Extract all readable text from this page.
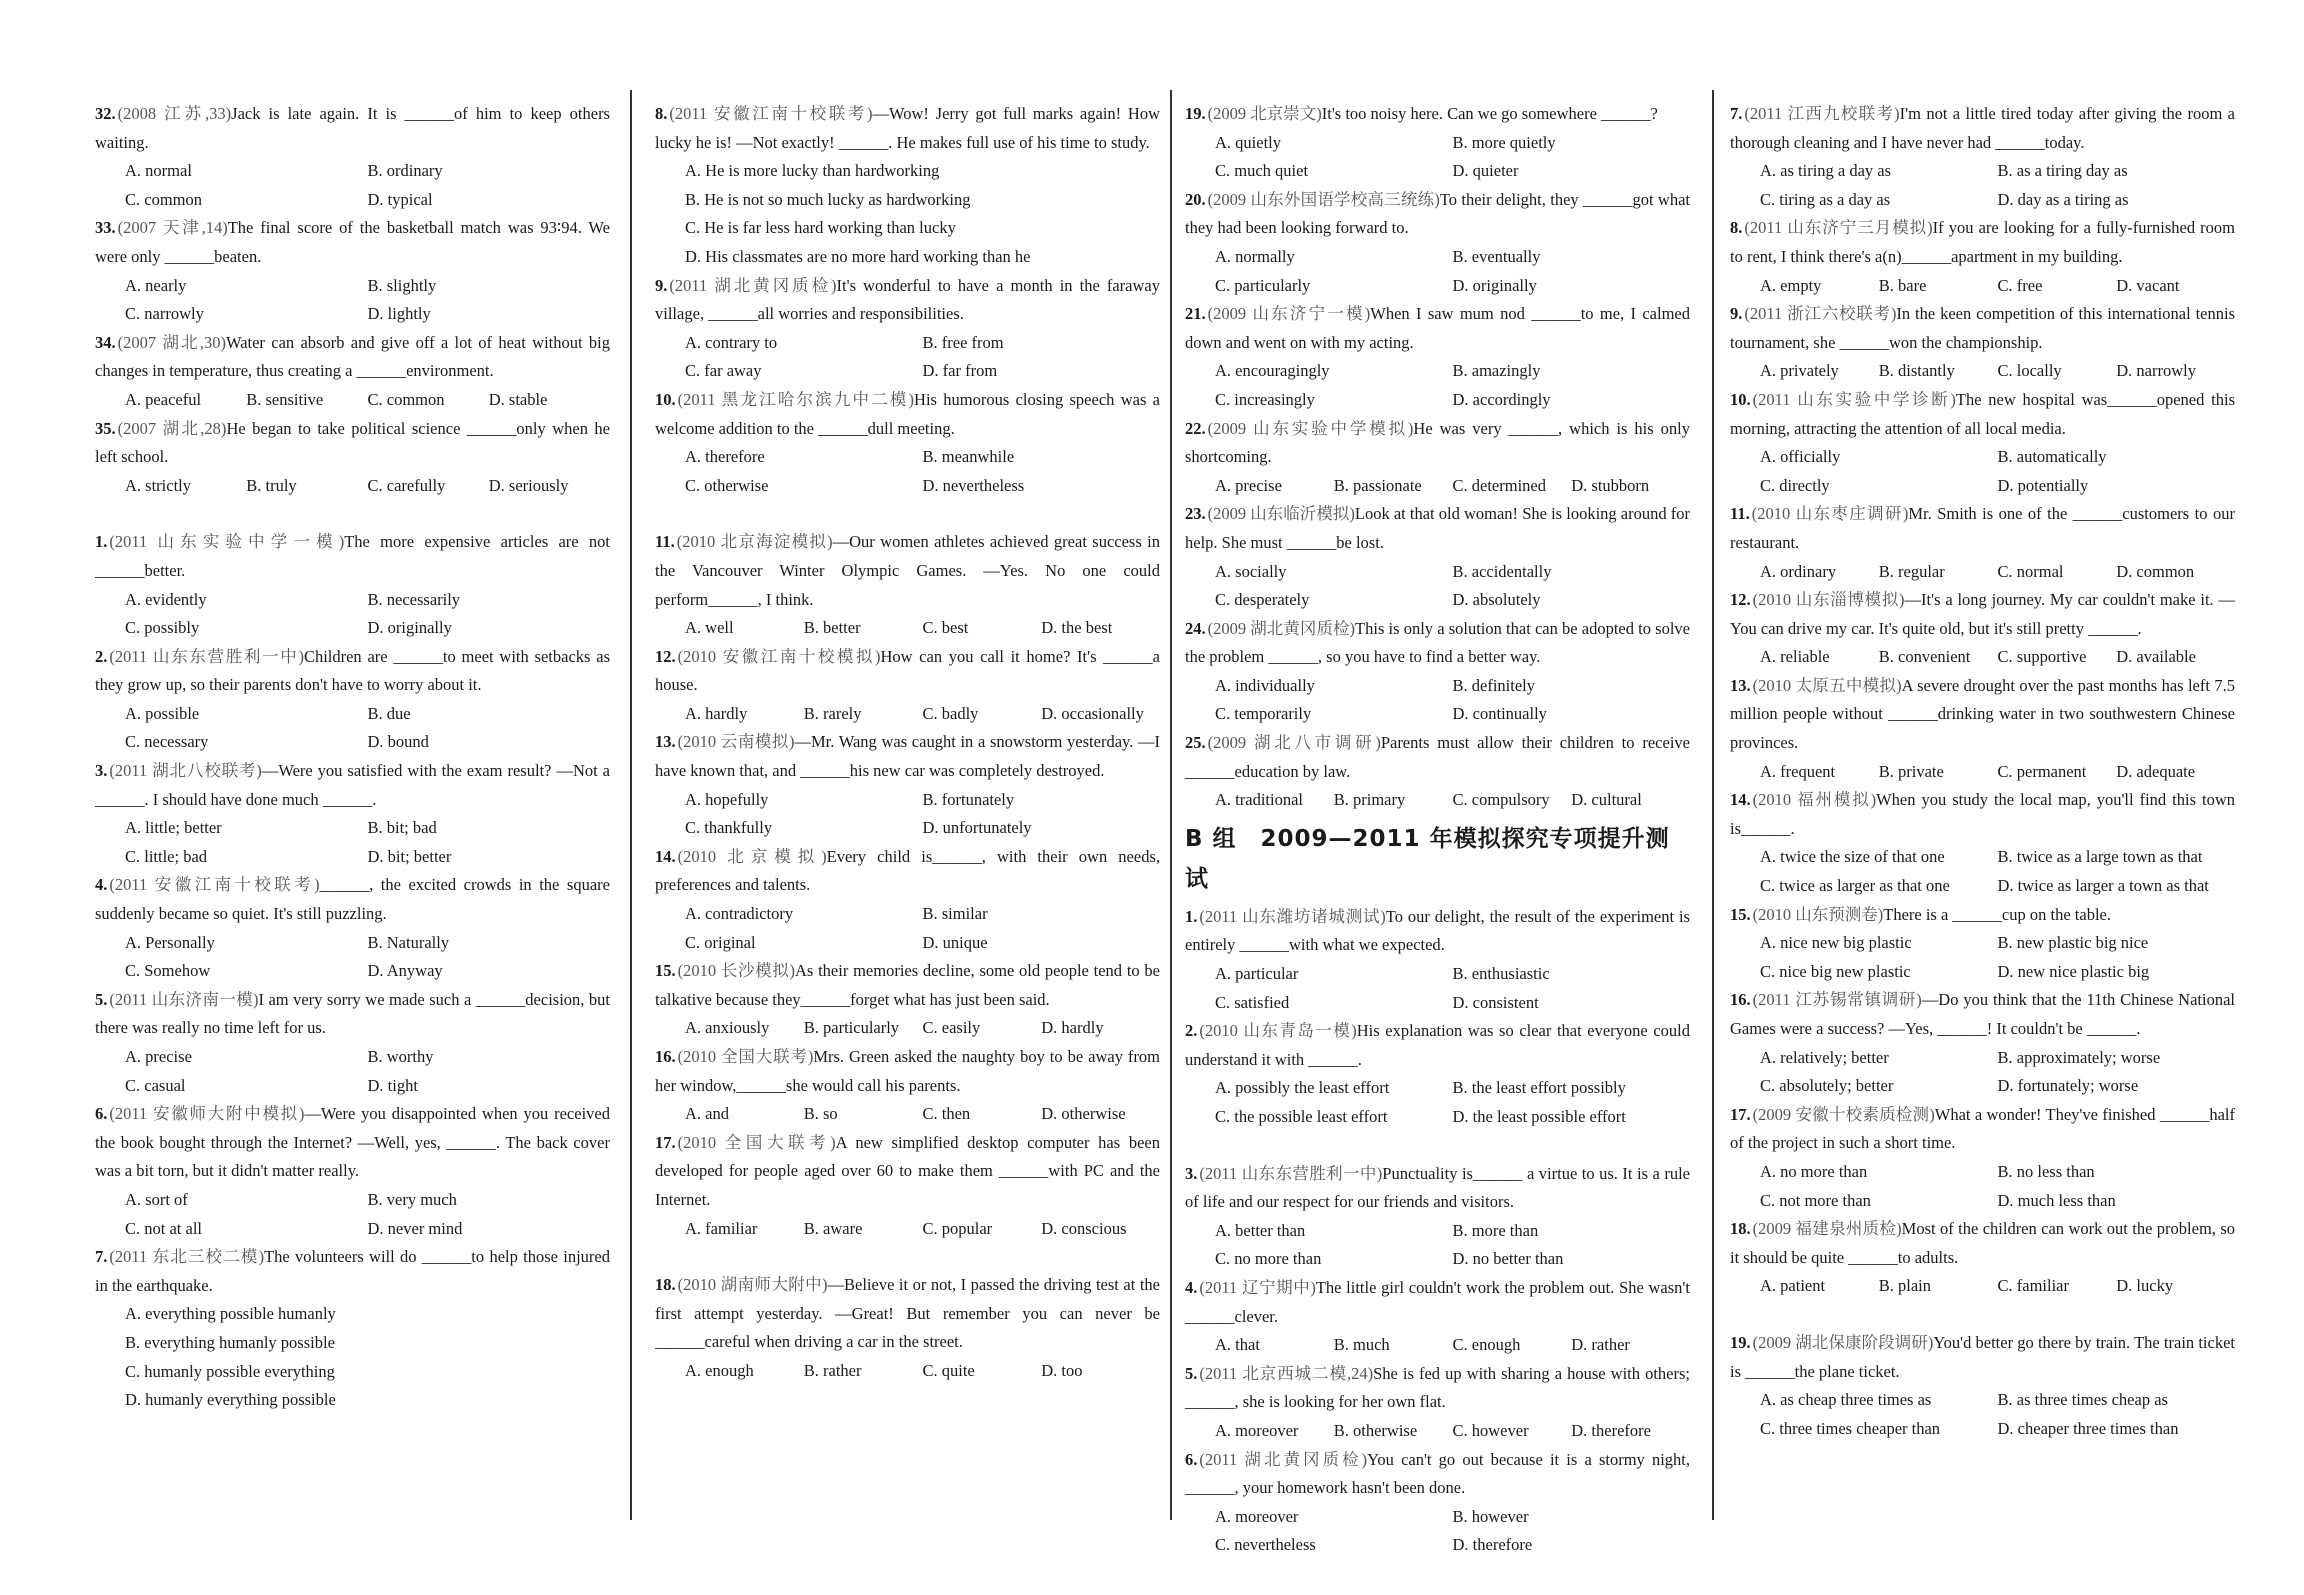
32. (2008 江苏,33)Jack is late again. It is ______of him to keep others waiting.

A. normal	B. ordinary
C. common	D. typical

33. (2007 天津,14)The final score of the basketball match was 93∶94. We were only ______beaten.

A. nearly	B. slightly
C. narrowly	D. lightly

34. (2007 湖北,30)Water can absorb and give off a lot of heat without big changes in temperature, thus creating a ______environment.

A. peaceful	B. sensitive	C. common	D. stable

35. (2007 湖北,28)He began to take political science ______only when he left school.

A. strictly	B. truly	C. carefully	D. seriously

1. (2011 山东实验中学一模)The more expensive articles are not ______better.

A. evidently	B. necessarily
C. possibly	D. originally

2. (2011 山东东营胜利一中)Children are ______to meet with setbacks as they grow up, so their parents don't have to worry about it.

A. possible	B. due
C. necessary	D. bound

3. (2011 湖北八校联考)—Were you satisfied with the exam result? —Not a ______. I should have done much ______.

A. little; better	B. bit; bad
C. little; bad	D. bit; better

4. (2011 安徽江南十校联考)______, the excited crowds in the square suddenly became so quiet. It's still puzzling.

A. Personally	B. Naturally
C. Somehow	D. Anyway

5. (2011 山东济南一模)I am very sorry we made such a ______decision, but there was really no time left for us.

A. precise	B. worthy
C. casual	D. tight

6. (2011 安徽师大附中模拟)—Were you disappointed when you received the book bought through the Internet? —Well, yes, ______. The back cover was a bit torn, but it didn't matter really.

A. sort of	B. very much
C. not at all	D. never mind

7. (2011 东北三校二模)The volunteers will do ______to help those injured in the earthquake.

A. everything possible humanly
B. everything humanly possible
C. humanly possible everything
D. humanly everything possible

8. (2011 安徽江南十校联考)—Wow! Jerry got full marks again! How lucky he is! —Not exactly! ______. He makes full use of his time to study.

A. He is more lucky than hardworking
B. He is not so much lucky as hardworking
C. He is far less hard working than lucky
D. His classmates are no more hard working than he

9. (2011 湖北黄冈质检)It's wonderful to have a month in the faraway village, ______all worries and responsibilities.

A. contrary to	B. free from
C. far away	D. far from

10. (2011 黑龙江哈尔滨九中二模)His humorous closing speech was a welcome addition to the ______dull meeting.

A. therefore	B. meanwhile
C. otherwise	D. nevertheless

11. (2010 北京海淀模拟)—Our women athletes achieved great success in the Vancouver Winter Olympic Games. —Yes. No one could perform______, I think.

A. well	B. better	C. best	D. the best

12. (2010 安徽江南十校模拟)How can you call it home? It's ______a house.

A. hardly	B. rarely	C. badly	D. occasionally

13. (2010 云南模拟)—Mr. Wang was caught in a snowstorm yesterday. —I have known that, and ______his new car was completely destroyed.

A. hopefully	B. fortunately
C. thankfully	D. unfortunately

14. (2010 北京模拟)Every child is______, with their own needs, preferences and talents.

A. contradictory	B. similar
C. original	D. unique

15. (2010 长沙模拟)As their memories decline, some old people tend to be talkative because they______forget what has just been said.

A. anxiously	B. particularly	C. easily	D. hardly

16. (2010 全国大联考)Mrs. Green asked the naughty boy to be away from her window,______she would call his parents.

A. and	B. so	C. then	D. otherwise

17. (2010 全国大联考)A new simplified desktop computer has been developed for people aged over 60 to make them ______with PC and the Internet.

A. familiar	B. aware	C. popular	D. conscious

18. (2010 湖南师大附中)—Believe it or not, I passed the driving test at the first attempt yesterday. —Great! But remember you can never be ______careful when driving a car in the street.

A. enough	B. rather	C. quite	D. too

19. (2009 北京崇文)It's too noisy here. Can we go somewhere ______?

A. quietly	B. more quietly
C. much quiet	D. quieter

20. (2009 山东外国语学校高三统练)To their delight, they ______got what they had been looking forward to.

A. normally	B. eventually
C. particularly	D. originally

21. (2009 山东济宁一模)When I saw mum nod ______to me, I calmed down and went on with my acting.

A. encouragingly	B. amazingly
C. increasingly	D. accordingly

22. (2009 山东实验中学模拟)He was very ______, which is his only shortcoming.

A. precise	B. passionate	C. determined	D. stubborn

23. (2009 山东临沂模拟)Look at that old woman! She is looking around for help. She must ______be lost.

A. socially	B. accidentally
C. desperately	D. absolutely

24. (2009 湖北黄冈质检)This is only a solution that can be adopted to solve the problem ______, so you have to find a better way.

A. individually	B. definitely
C. temporarily	D. continually

25. (2009 湖北八市调研)Parents must allow their children to receive ______education by law.

A. traditional	B. primary	C. compulsory	D. cultural
B 组　2009—2011 年模拟探究专项提升测试

1. (2011 山东潍坊诸城测试)To our delight, the result of the experiment is entirely ______with what we expected.

A. particular	B. enthusiastic
C. satisfied	D. consistent

2. (2010 山东青岛一模)His explanation was so clear that everyone could understand it with ______.

A. possibly the least effort	B. the least effort possibly
C. the possible least effort	D. the least possible effort

3. (2011 山东东营胜利一中)Punctuality is______ a virtue to us. It is a rule of life and our respect for our friends and visitors.

A. better than	B. more than
C. no more than	D. no better than

4. (2011 辽宁期中)The little girl couldn't work the problem out. She wasn't ______clever.

A. that	B. much	C. enough	D. rather

5. (2011 北京西城二模,24)She is fed up with sharing a house with others; ______, she is looking for her own flat.

A. moreover	B. otherwise	C. however	D. therefore

6. (2011 湖北黄冈质检)You can't go out because it is a stormy night, ______, your homework hasn't been done.

A. moreover	B. however
C. nevertheless	D. therefore

7. (2011 江西九校联考)I'm not a little tired today after giving the room a thorough cleaning and I have never had ______today.

A. as tiring a day as	B. as a tiring day as
C. tiring as a day as	D. day as a tiring as

8. (2011 山东济宁三月模拟)If you are looking for a fully-furnished room to rent, I think there's a(n)______apartment in my building.

A. empty	B. bare	C. free	D. vacant

9. (2011 浙江六校联考)In the keen competition of this international tennis tournament, she ______won the championship.

A. privately	B. distantly	C. locally	D. narrowly

10. (2011 山东实验中学诊断)The new hospital was______opened this morning, attracting the attention of all local media.

A. officially	B. automatically
C. directly	D. potentially

11. (2010 山东枣庄调研)Mr. Smith is one of the ______customers to our restaurant.

A. ordinary	B. regular	C. normal	D. common

12. (2010 山东淄博模拟)—It's a long journey. My car couldn't make it. —You can drive my car. It's quite old, but it's still pretty ______.

A. reliable	B. convenient	C. supportive	D. available

13. (2010 太原五中模拟)A severe drought over the past months has left 7.5 million people without ______drinking water in two southwestern Chinese provinces.

A. frequent	B. private	C. permanent	D. adequate

14. (2010 福州模拟)When you study the local map, you'll find this town is______.

A. twice the size of that one	B. twice as a large town as that
C. twice as larger as that one	D. twice as larger a town as that

15. (2010 山东预测卷)There is a ______cup on the table.

A. nice new big plastic	B. new plastic big nice
C. nice big new plastic	D. new nice plastic big

16. (2011 江苏锡常镇调研)—Do you think that the 11th Chinese National Games were a success? —Yes, ______! It couldn't be ______.

A. relatively; better	B. approximately; worse
C. absolutely; better	D. fortunately; worse

17. (2009 安徽十校素质检测)What a wonder! They've finished ______half of the project in such a short time.

A. no more than	B. no less than
C. not more than	D. much less than

18. (2009 福建泉州质检)Most of the children can work out the problem, so it should be quite ______to adults.

A. patient	B. plain	C. familiar	D. lucky

19. (2009 湖北保康阶段调研)You'd better go there by train. The train ticket is ______the plane ticket.

A. as cheap three times as	B. as three times cheap as
C. three times cheaper than	D. cheaper three times than
